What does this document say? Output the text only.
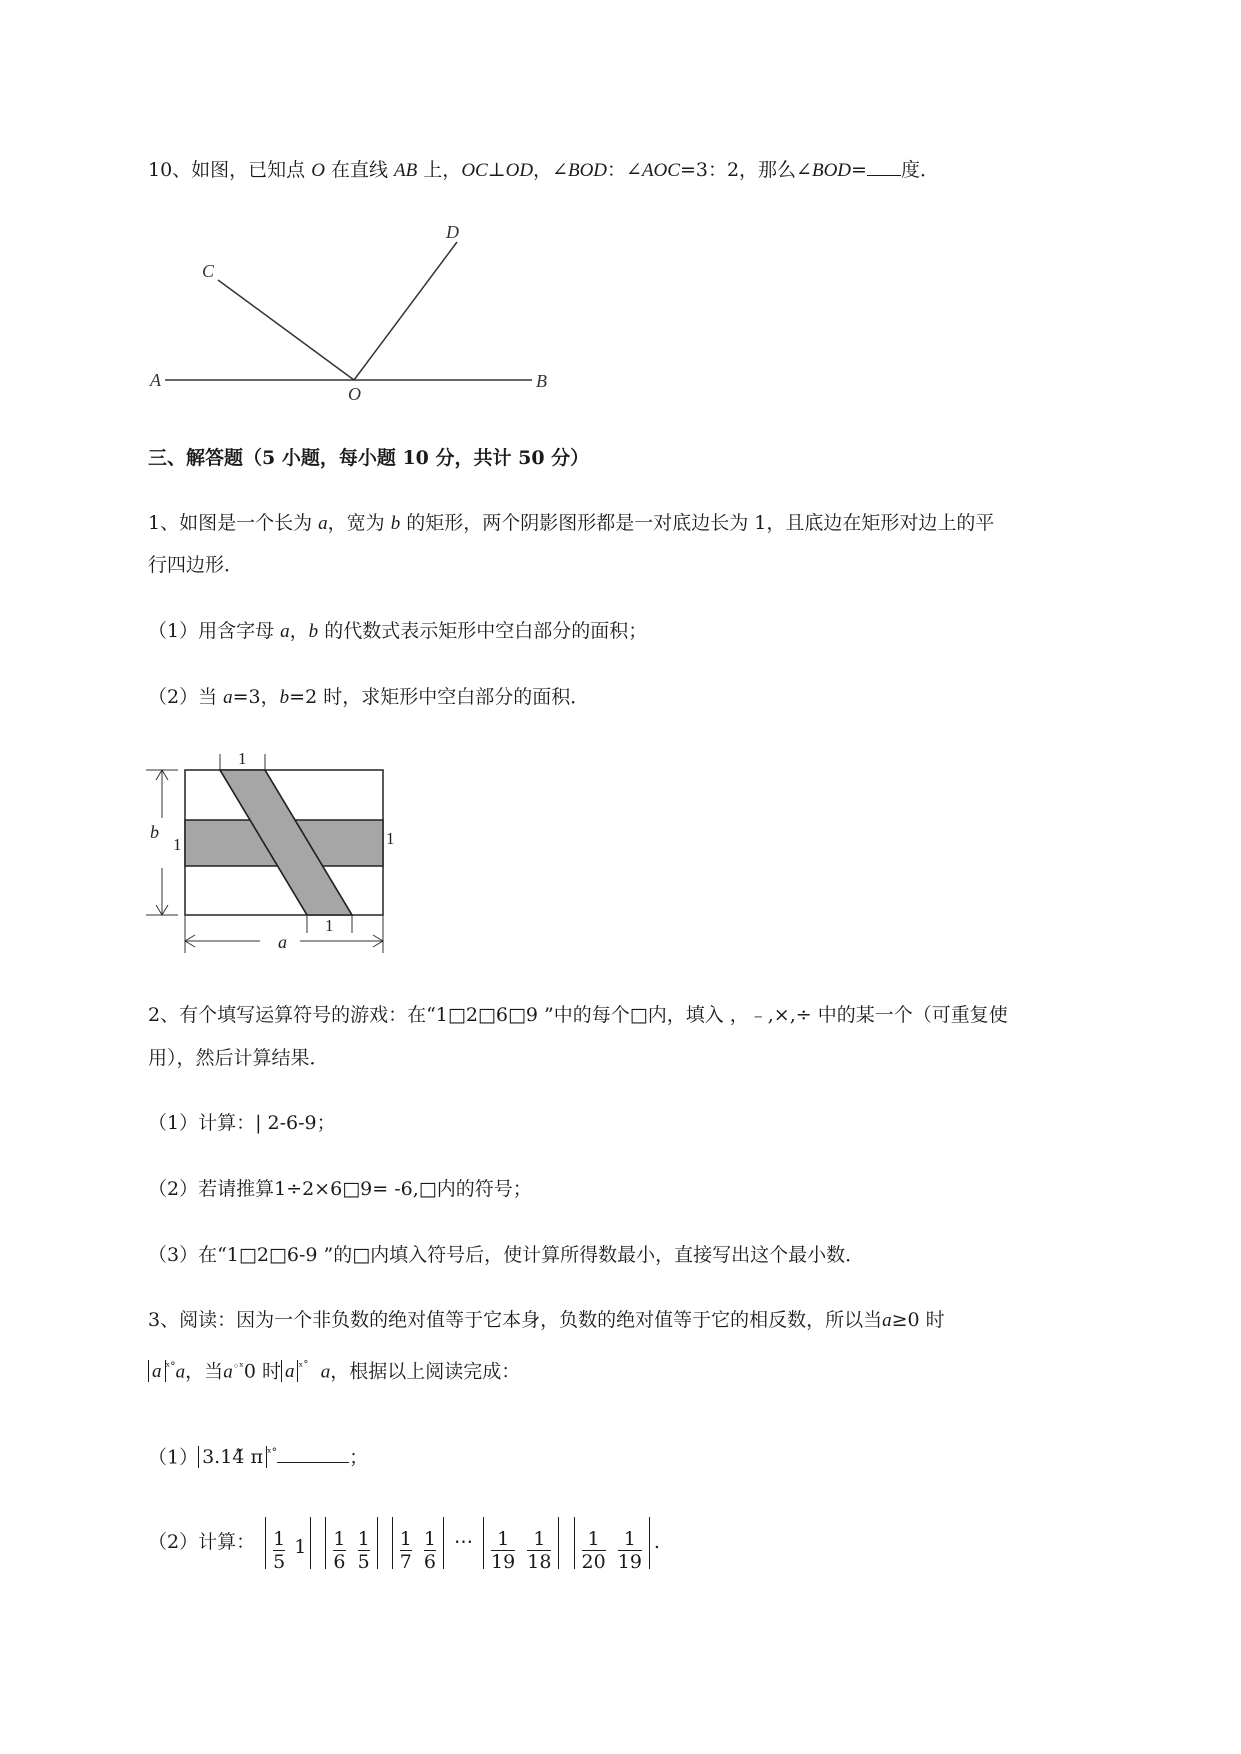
10、如图，已知点 O 在直线 AB 上，OC⊥OD，∠BOD：∠AOC=3：2，那么∠BOD= 度．
A	B
C
D
O
三、解答题（5 小题，每小题 10 分，共计 50 分）
1、如图是一个长为 a，宽为 b 的矩形，两个阴影图形都是一对底边长为 1，且底边在矩形对边上的平
行四边形．
（1）用含字母 a，b 的代数式表示矩形中空白部分的面积；
（2）当 a=3，b=2 时，求矩形中空白部分的面积．
1
1	1
1
b
a
2、有个填写运算符号的游戏：在“1□2□6□9 ”中的每个□内，填入 ，﹣,×,÷ 中的某一个（可重复使
用），然后计算结果．
（1）计算：| 2-6-9；
（2）若请推算1÷2×6□9= -6,□内的符号；
（3）在“1□2□6-9 ”的□内填入符号后，使计算所得数最小，直接写出这个最小数．
3、阅读：因为一个非负数的绝对值等于它本身，负数的绝对值等于它的相反数，所以当a≥0 时
a $^{ˣ^\circ}$a，当$a^{◦ˣ}0$ 时 a $^{ˣ˚}$ a，根据以上阅读完成：
（1） 3.14̃ π $^{ˣ^\circ}$	；
（2）计算： $\frac{1}{5} 1 \frac{1}{6}$
$\frac{1}{5}$
$\frac{1}{7}$
$\frac{1}{6}$ ⋯ $\frac{1}{19}$
$\frac{1}{18}$
$\frac{1}{20}$
$\frac{1}{19}$ .
